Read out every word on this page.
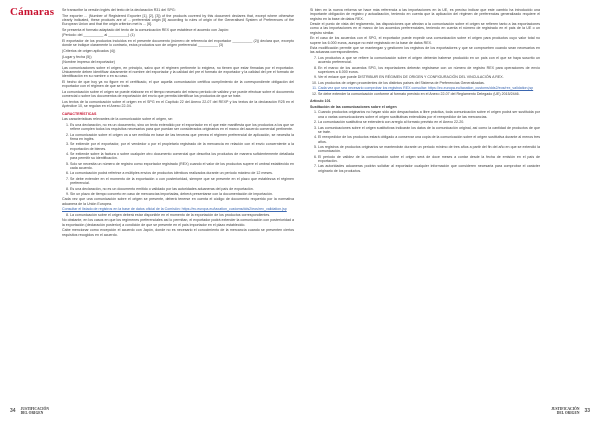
Cámaras Se transcribe la versión inglés del texto de la declaración R31 del SPG:

The exporter ... (Number of Registered Exporter [1], [2], [3]) of the products covered by this document declares that, except where otherwise clearly indicated, these products are of ... preferential origin [5] according to rules of origin of the Generalised System of Preferences of the European Union and that the origin criterion met is ... [6].

Se presenta el formato adaptado del texto de la comunicación REX que establece el acuerdo con Japón:

(Periodo: del __________ al __________) (1)

El exportador de los productos incluidos en el presente documento (número de referencia del exportador __________ (2)) declara que, excepto donde se indique claramente lo contrario, estos productos son de origen preferencial __________ (3)

(Criterios de origen aplicados (4))

(Lugar y fecha (5))

(Nombre impreso del exportador)

Las comunicaciones sobre el origen, en principio, salvo que el régimen pertinente lo exigiera, no tienen que estar firmadas por el exportador. Únicamente deben identificar claramente el nombre del exportador y la calidad del pre el formato de exportador y la calidad del pre el formato de identificación en su nombre o en su caso.

El hecho de que hoy ya no figure en el certificado, el que aquella comunicación certifica cumplimiento de la correspondiente obligación del exportador con el régimen de que se trate.

La comunicación sobre el origen se puede elaborar en el tiempo necesario del mismo periodo de validez y se puede efectuar sobre el documento comercial o sobre los documentos de exportación del envío que permita identificar los productos de que se trate.

Los textos de la comunicación sobre el origen en el SPG en el Capítulo 22 del Anexo 22-07 del REXP y los textos de la declaración R25 en el Apéndice 10, se regulan en el Anexo 22-04.

CARACTERÍSTICAS

Las características relevantes de la comunicación sobre el origen, se:

1. Es una declaración, no es un documento, sino un texto extendido por el exportador en el que este manifiesta que los productos a los que se refiere cumplen todos los requisitos necesarios para que puedan ser considerados originarios en el marco del acuerdo comercial pertinente.
2. La comunicación sobre el origen va a ser emitida en base de las terceras que prevea el régimen preferencial de aplicación, se necesita la firma en inglés.
3. Se extiende por el exportador, por el vendedor o por el propietario registrado de la mercancía en relación con el envío concerniente a la exportación de bienes.
4. Se extiende sobre la factura o sobre cualquier otro documento comercial que describa los productos de manera suficientemente detallada para permitir su identificación.
5. Solo se necesita un número de registro como exportador registrado (REX) cuando el valor de los productos supere el umbral establecido en cada acuerdo.
6. La comunicación podrá referirse a múltiples envíos de productos idénticos realizados durante un período máximo de 12 meses.
7. Se debe extender en el momento de la exportación o con posterioridad, siempre que se presente en el plazo que establezca el régimen preferencial.
8. Es una declaración, no es un documento emitido o validado por las autoridades aduaneras del país de exportación.
9. Sin un plazo de tiempo concreto en caso de mercancías importadas, deberá presentarse con la documentación de importación.

Cada vez que una comunicación sobre el origen se presente, deberá tenerse en cuenta el código de documento requerido por la normativa aduanera de la Unión Europea.

Consultar el listado de registros en la base de datos oficial de la Comisión: https://ec.europa.eu/taxation_customs/dds2/eos/rex_validation.jsp

8. La comunicación sobre el origen deberá estar disponible en el momento de la exportación de los productos correspondientes.

No obstante, en los casos en que los regímenes preferenciales así lo permitan, el exportador podrá extender la comunicación con posterioridad a la exportación (declaración posterior) a condición de que se presente en el país importador en el plazo establecido.

Cabe mencionar como excepción el acuerdo con Japón, donde no es necesario el conocimiento de la mercancía cuando se presenten ciertos requisitos recogidos en el acuerdo.

Si bien en la nueva reforma se hace más referencia a las importaciones en la UE, es preciso indicar que este cambio ha introducido una importante obligación de registro y actualización, teniendo en cuenta que la aplicación del régimen de preferencias generalizado requiere el registro en la base de datos REX.

Desde el punto de vista del reglamento, las disposiciones que afectan a la comunicación sobre el origen se refieren tanto a las exportaciones como a las importaciones en el marco de los acuerdos preferenciales, teniendo en cuenta el número de registrado en el país de la UE o un registro similar.

En el caso de los acuerdos con el SPG, el exportador puede expedir una comunicación sobre el origen para productos cuyo valor total no supere los 6.000 euros, aunque no esté registrado en la base de datos REX.

Esta modificación permite que se mantengan y gestionen los registros de los exportadores y que se comprueben cuando sean necesarios en las aduanas correspondientes.

7. Los productos a que se refiere la comunicación sobre el origen deberán haberse producido en un país con el que se haya suscrito un acuerdo preferencial.
8. En el marco de los acuerdos SPG, los exportadores deberán registrarse con un número de registro REX para operaciones de envío superiores a 6.000 euros.
9. Ver el enlace que puede DISTRIBUIR EN RÉGIMEN DE ORIGEN Y CONFIGURACIÓN DEL VINCULACIÓN A REX.
10. Los productos de origen procedentes de los distintos países del Sistema de Preferencias Generalizadas.
11. Cada vez que sea necesario comprobar los registros REX consultar: https://ec.europa.eu/taxation_customs/dds2/eos/rex_validation.jsp
12. Se debe extender la comunicación conforme al formato previsto en el Anexo 22-07 del Reglamento Delegado (UE) 2015/2446.

Artículo 101

Sustitución de las comunicaciones sobre el origen

1. Cuando productos originarios no hayan sido aún despachados a libre práctica, toda comunicación sobre el origen podrá ser sustituida por una o varias comunicaciones sobre el origen sustitutivas extendidas por el reexpedidor de las mercancías.
2. La comunicación sustitutiva se extenderá con arreglo al formato previsto en el Anexo 22-20.
3. Las comunicaciones sobre el origen sustitutivas indicarán los datos de la comunicación original, así como la cantidad de productos de que se trate.
4. El reexpedidor de los productos estará obligado a conservar una copia de la comunicación sobre el origen sustitutiva durante al menos tres años.
5. Los registros de productos originarios se mantendrán durante un periodo mínimo de tres años a partir del fin del año en que se extendió la comunicación.
6. El periodo de validez de la comunicación sobre el origen será de doce meses a contar desde la fecha de emisión en el país de exportación.
7. Las autoridades aduaneras podrán solicitar al exportador cualquier información que consideren necesaria para comprobar el carácter originario de los productos.
34 JUSTIFICACIÓN
DEL ORIGEN
JUSTIFICACIÓN
DEL ORIGEN 33
